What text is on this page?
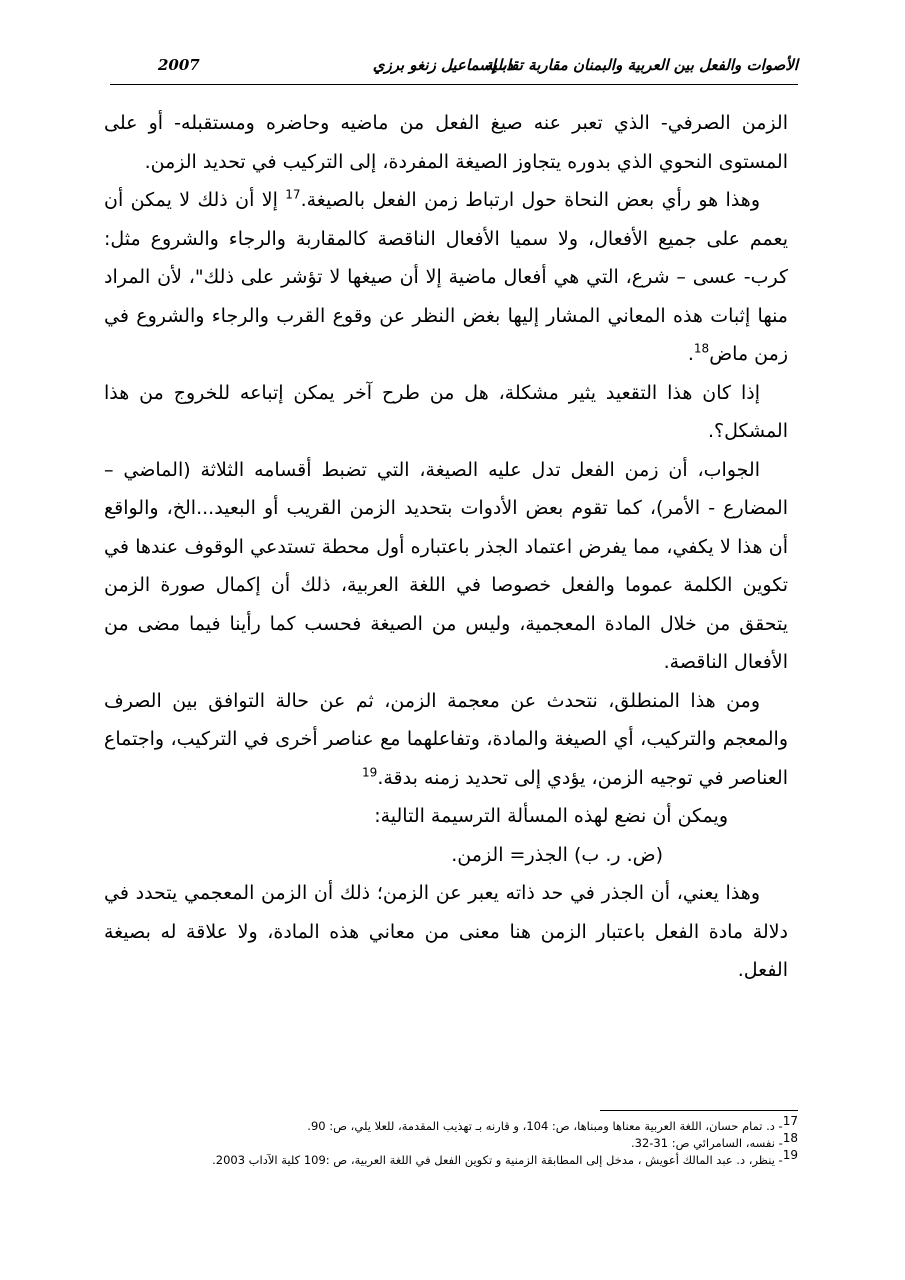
الأصوات والفعل بين العربية والبمنان مقاربة تقابلية
د. إسماعيل زنغو برزي
2007

الزمن الصرفي- الذي تعبر عنه صيغ الفعل من ماضيه وحاضره ومستقبله- أو على المستوى النحوي الذي بدوره يتجاوز الصيغة المفردة، إلى التركيب في تحديد الزمن.

وهذا هو رأي بعض النحاة حول ارتباط زمن الفعل بالصيغة.$^{17}$ إلا أن ذلك لا يمكن أن يعمم على جميع الأفعال، ولا سميا الأفعال الناقصة كالمقاربة والرجاء والشروع مثل: كرب- عسى – شرع، التي هي أفعال ماضية إلا أن صيغها لا تؤشر على ذلك"، لأن المراد منها إثبات هذه المعاني المشار إليها بغض النظر عن وقوع القرب والرجاء والشروع في زمن ماض$^{18}$.

إذا كان هذا التقعيد يثير مشكلة، هل من طرح آخر يمكن إتباعه للخروج من هذا المشكل؟.

الجواب، أن زمن الفعل تدل عليه الصيغة، التي تضبط أقسامه الثلاثة (الماضي – المضارع - الأمر)، كما تقوم بعض الأدوات بتحديد الزمن القريب أو البعيد...الخ، والواقع أن هذا لا يكفي، مما يفرض اعتماد الجذر باعتباره أول محطة تستدعي الوقوف عندها في تكوين الكلمة عموما والفعل خصوصا في اللغة العربية، ذلك أن إكمال صورة الزمن يتحقق من خلال المادة المعجمية، وليس من الصيغة فحسب كما رأينا فيما مضى من الأفعال الناقصة.

ومن هذا المنطلق، نتحدث عن معجمة الزمن، ثم عن حالة التوافق بين الصرف والمعجم والتركيب، أي الصيغة والمادة، وتفاعلهما مع عناصر أخرى في التركيب، واجتماع العناصر في توجيه الزمن، يؤدي إلى تحديد زمنه بدقة.$^{19}$

ويمكن أن نضع لهذه المسألة الترسيمة التالية:

(ض. ر. ب) الجذر= الزمن.

وهذا يعني، أن الجذر في حد ذاته يعبر عن الزمن؛ ذلك أن الزمن المعجمي يتحدد في دلالة مادة الفعل باعتبار الزمن هنا معنى من معاني هذه المادة، ولا علاقة له بصيغة الفعل.

$^{17}$- د. تمام حسان، اللغة العربية معناها ومبناها، ص: 104، و قارنه بـ تهذيب المقدمة، للعلا يلي، ص: 90.

$^{18}$- نفسه، السامرائي ص: 31-32.

$^{19}$- ينظر، د. عبد المالك أعويش ، مدخل إلى المطابقة الزمنية و تكوين الفعل في اللغة العربية، ص :109 كلية الآداب 2003.
